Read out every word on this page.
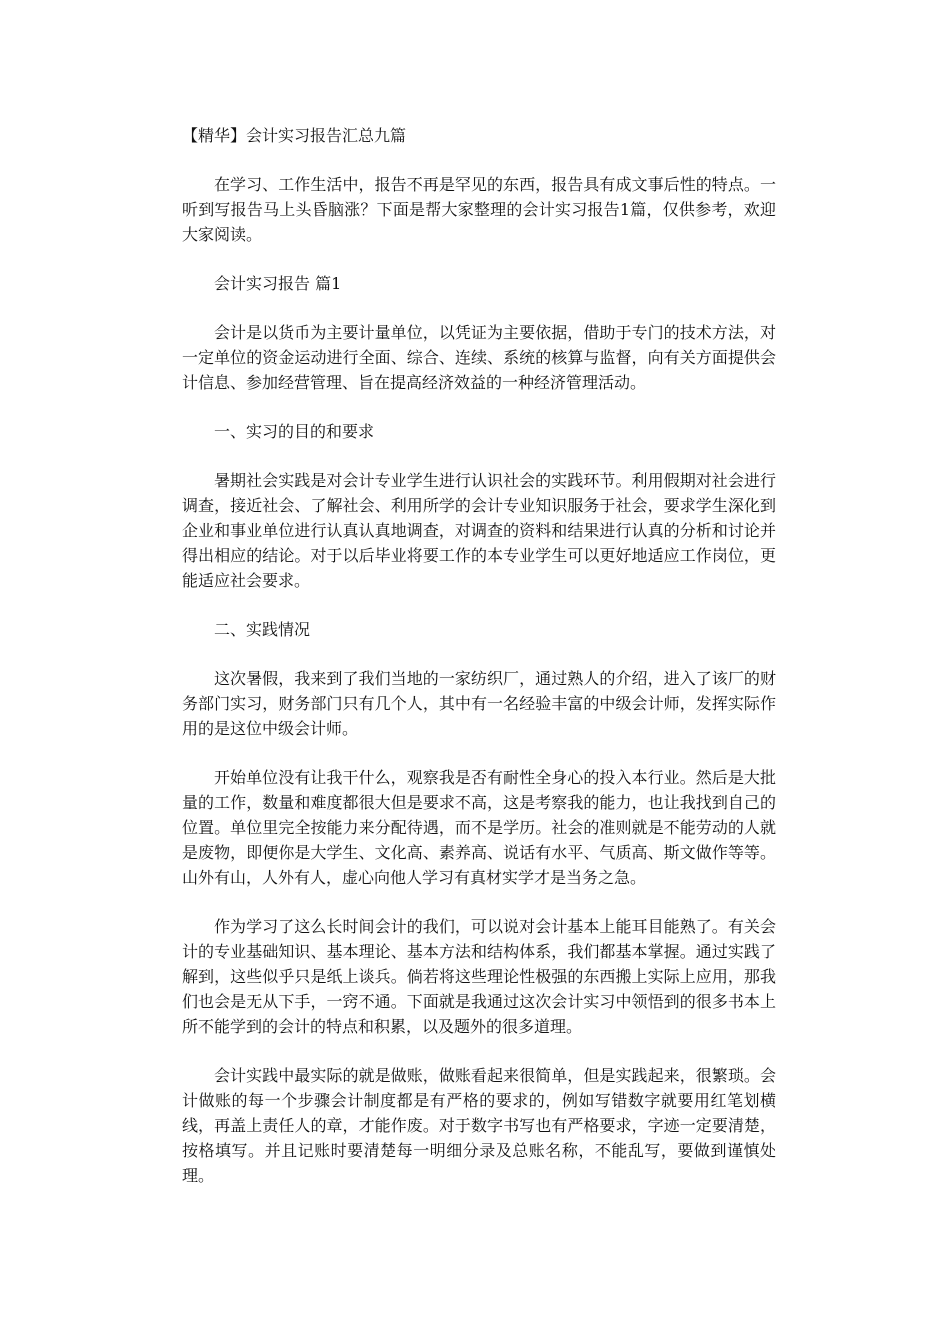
【精华】会计实习报告汇总九篇

在学习、工作生活中，报告不再是罕见的东西，报告具有成文事后性的特点。一听到写报告马上头昏脑涨？下面是帮大家整理的会计实习报告1篇，仅供参考，欢迎大家阅读。

会计实习报告 篇1

会计是以货币为主要计量单位，以凭证为主要依据，借助于专门的技术方法，对一定单位的资金运动进行全面、综合、连续、系统的核算与监督，向有关方面提供会计信息、参加经营管理、旨在提高经济效益的一种经济管理活动。

一、实习的目的和要求

暑期社会实践是对会计专业学生进行认识社会的实践环节。利用假期对社会进行调查，接近社会、了解社会、利用所学的会计专业知识服务于社会，要求学生深化到企业和事业单位进行认真认真地调查，对调查的资料和结果进行认真的分析和讨论并得出相应的结论。对于以后毕业将要工作的本专业学生可以更好地适应工作岗位，更能适应社会要求。

二、实践情况

这次暑假，我来到了我们当地的一家纺织厂，通过熟人的介绍，进入了该厂的财务部门实习，财务部门只有几个人，其中有一名经验丰富的中级会计师，发挥实际作用的是这位中级会计师。

开始单位没有让我干什么，观察我是否有耐性全身心的投入本行业。然后是大批量的工作，数量和难度都很大但是要求不高，这是考察我的能力，也让我找到自己的位置。单位里完全按能力来分配待遇，而不是学历。社会的准则就是不能劳动的人就是废物，即便你是大学生、文化高、素养高、说话有水平、气质高、斯文做作等等。山外有山，人外有人，虚心向他人学习有真材实学才是当务之急。

作为学习了这么长时间会计的我们，可以说对会计基本上能耳目能熟了。有关会计的专业基础知识、基本理论、基本方法和结构体系，我们都基本掌握。通过实践了解到，这些似乎只是纸上谈兵。倘若将这些理论性极强的东西搬上实际上应用，那我们也会是无从下手，一窍不通。下面就是我通过这次会计实习中领悟到的很多书本上所不能学到的会计的特点和积累，以及题外的很多道理。

会计实践中最实际的就是做账，做账看起来很简单，但是实践起来，很繁琐。会计做账的每一个步骤会计制度都是有严格的要求的，例如写错数字就要用红笔划横线，再盖上责任人的章，才能作废。对于数字书写也有严格要求，字迹一定要清楚，按格填写。并且记账时要清楚每一明细分录及总账名称，不能乱写，要做到谨慎处理。
